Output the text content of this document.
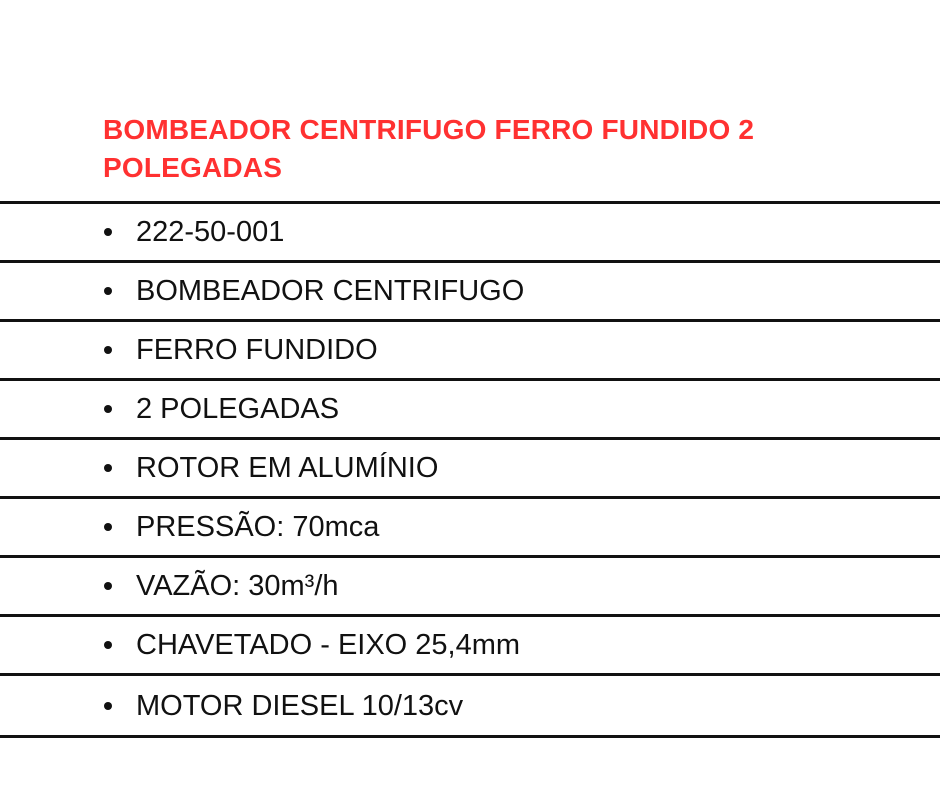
BOMBEADOR CENTRIFUGO FERRO FUNDIDO 2 POLEGADAS
222-50-001
BOMBEADOR CENTRIFUGO
FERRO FUNDIDO
2 POLEGADAS
ROTOR EM ALUMÍNIO
PRESSÃO: 70mca
VAZÃO: 30m³/h
CHAVETADO - EIXO 25,4mm
MOTOR DIESEL 10/13cv
